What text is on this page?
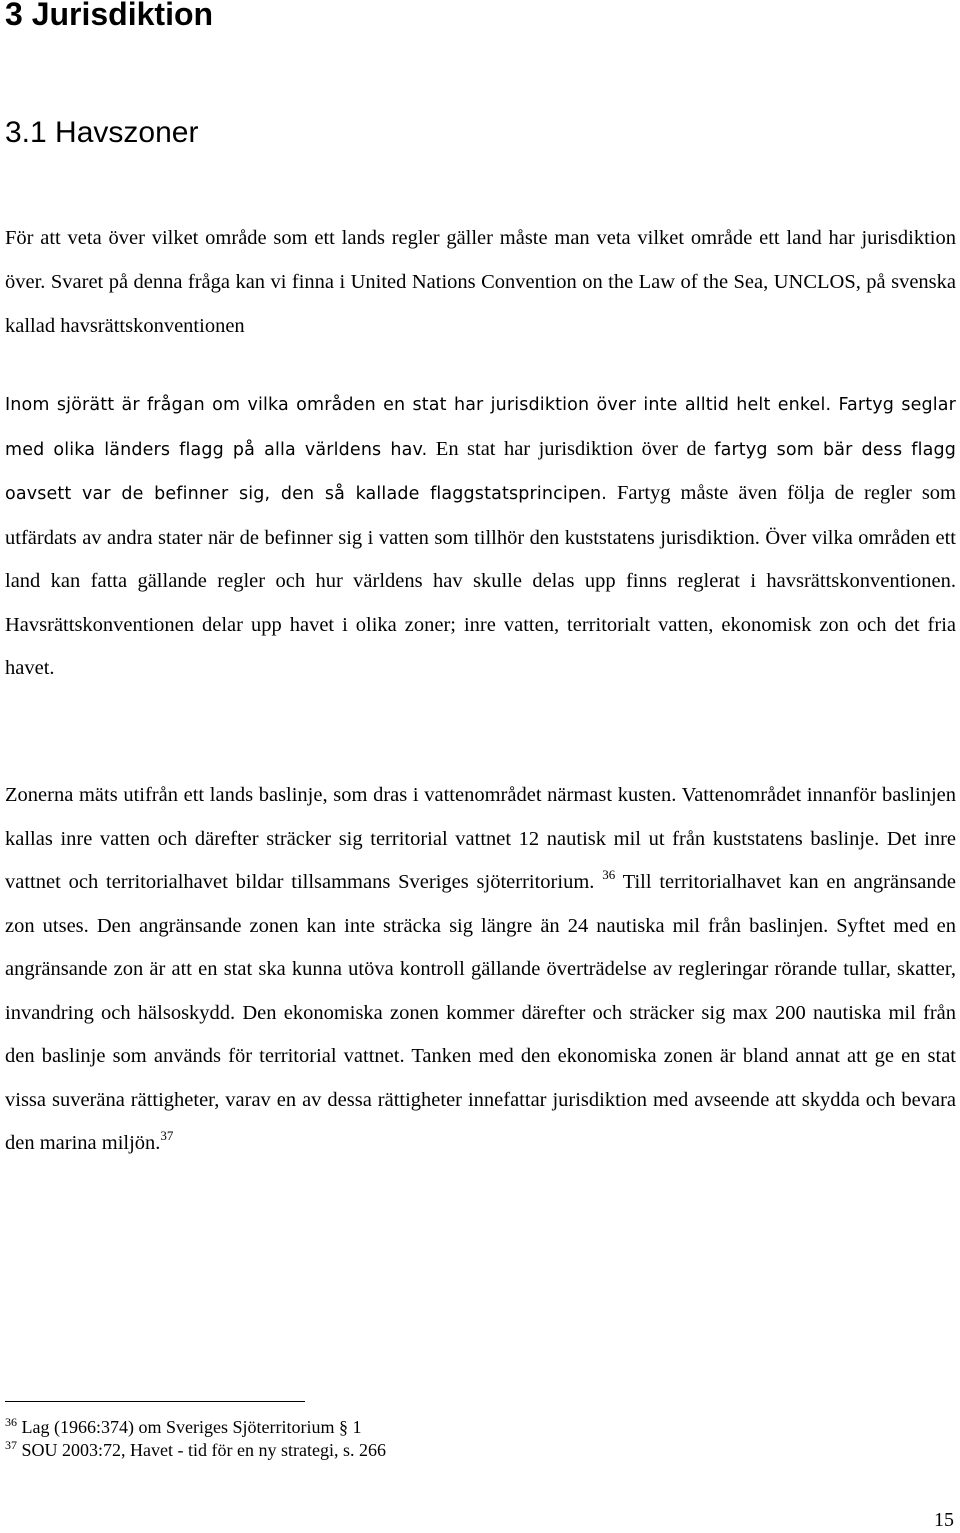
3 Jurisdiktion
3.1 Havszoner

För att veta över vilket område som ett lands regler gäller måste man veta vilket område ett land har jurisdiktion över. Svaret på denna fråga kan vi finna i United Nations Convention on the Law of the Sea, UNCLOS, på svenska kallad havsrättskonventionen

Inom sjörätt är frågan om vilka områden en stat har jurisdiktion över inte alltid helt enkel. Fartyg seglar med olika länders flagg på alla världens hav. En stat har jurisdiktion över de fartyg som bär dess flagg oavsett var de befinner sig, den så kallade flaggstatsprincipen. Fartyg måste även följa de regler som utfärdats av andra stater när de befinner sig i vatten som tillhör den kuststatens jurisdiktion. Över vilka områden ett land kan fatta gällande regler och hur världens hav skulle delas upp finns reglerat i havsrättskonventionen. Havsrättskonventionen delar upp havet i olika zoner; inre vatten, territorialt vatten, ekonomisk zon och det fria havet.

Zonerna mäts utifrån ett lands baslinje, som dras i vattenområdet närmast kusten. Vattenområdet innanför baslinjen kallas inre vatten och därefter sträcker sig territorial vattnet 12 nautisk mil ut från kuststatens baslinje. Det inre vattnet och territorialhavet bildar tillsammans Sveriges sjöterritorium. $^{36}$ Till territorialhavet kan en angränsande zon utses. Den angränsande zonen kan inte sträcka sig längre än 24 nautiska mil från baslinjen. Syftet med en angränsande zon är att en stat ska kunna utöva kontroll gällande överträdelse av regleringar rörande tullar, skatter, invandring och hälsoskydd. Den ekonomiska zonen kommer därefter och sträcker sig max 200 nautiska mil från den baslinje som används för territorial vattnet. Tanken med den ekonomiska zonen är bland annat att ge en stat vissa suveräna rättigheter, varav en av dessa rättigheter innefattar jurisdiktion med avseende att skydda och bevara den marina miljön.$^{37}$

$^{36}$ Lag (1966:374) om Sveriges Sjöterritorium § 1

$^{37}$ SOU 2003:72, Havet - tid för en ny strategi, s. 266

15
